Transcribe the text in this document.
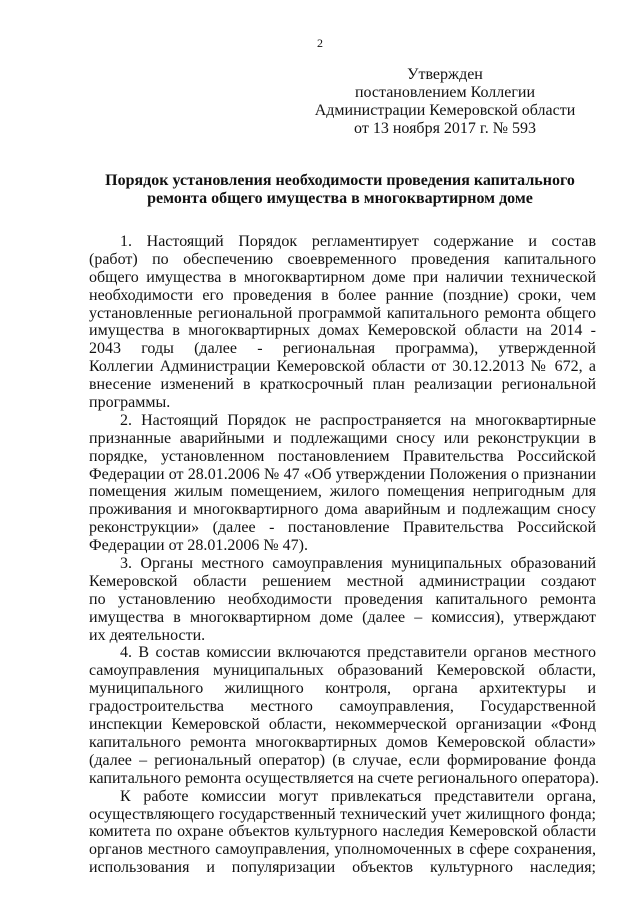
2
Утвержден
постановлением Коллегии
Администрации Кемеровской области
от 13 ноября 2017 г. № 593
Порядок установления необходимости проведения капитального
ремонта общего имущества в многоквартирном доме
1. Настоящий Порядок регламентирует содержание и состав
(работ) по обеспечению своевременного проведения капитального
общего имущества в многоквартирном доме при наличии технической
необходимости его проведения в более ранние (поздние) сроки, чем
установленные региональной программой капитального ремонта общего
имущества в многоквартирных домах Кемеровской области на 2014 -
2043 годы (далее - региональная программа), утвержденной
Коллегии Администрации Кемеровской области от 30.12.2013 № 672, а
внесение изменений в краткосрочный план реализации региональной
программы.
2. Настоящий Порядок не распространяется на многоквартирные
признанные аварийными и подлежащими сносу или реконструкции в
порядке, установленном постановлением Правительства Российской
Федерации от 28.01.2006 № 47 «Об утверждении Положения о признании
помещения жилым помещением, жилого помещения непригодным для
проживания и многоквартирного дома аварийным и подлежащим сносу
реконструкции» (далее - постановление Правительства Российской
Федерации от 28.01.2006 № 47).
3. Органы местного самоуправления муниципальных образований
Кемеровской области решением местной администрации создают
по установлению необходимости проведения капитального ремонта
имущества в многоквартирном доме (далее – комиссия), утверждают
их деятельности.
4. В состав комиссии включаются представители органов местного
самоуправления муниципальных образований Кемеровской области,
муниципального жилищного контроля, органа архитектуры и
градостроительства местного самоуправления, Государственной
инспекции Кемеровской области, некоммерческой организации «Фонд
капитального ремонта многоквартирных домов Кемеровской области»
(далее – региональный оператор) (в случае, если формирование фонда
капитального ремонта осуществляется на счете регионального оператора).
К работе комиссии могут привлекаться представители органа,
осуществляющего государственный технический учет жилищного фонда;
комитета по охране объектов культурного наследия Кемеровской области
органов местного самоуправления, уполномоченных в сфере сохранения,
использования и популяризации объектов культурного наследия;
